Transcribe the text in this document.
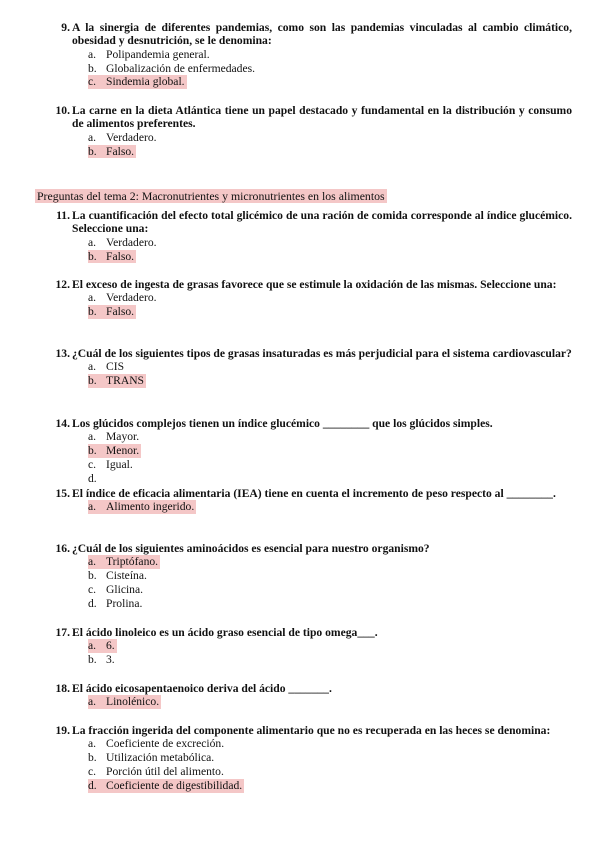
9. A la sinergia de diferentes pandemias, como son las pandemias vinculadas al cambio climático, obesidad y desnutrición, se le denomina:
a. Polipandemia general.
b. Globalización de enfermedades.
c. Sindemia global.
10. La carne en la dieta Atlántica tiene un papel destacado y fundamental en la distribución y consumo de alimentos preferentes.
a. Verdadero.
b. Falso.
Preguntas del tema 2: Macronutrientes y micronutrientes en los alimentos
11. La cuantificación del efecto total glicémico de una ración de comida corresponde al índice glucémico. Seleccione una:
a. Verdadero.
b. Falso.
12. El exceso de ingesta de grasas favorece que se estimule la oxidación de las mismas. Seleccione una:
a. Verdadero.
b. Falso.
13. ¿Cuál de los siguientes tipos de grasas insaturadas es más perjudicial para el sistema cardiovascular?
a. CIS
b. TRANS
14. Los glúcidos complejos tienen un índice glucémico ________ que los glúcidos simples.
a. Mayor.
b. Menor.
c. Igual.
d.
15. El índice de eficacia alimentaria (IEA) tiene en cuenta el incremento de peso respecto al ________.
a. Alimento ingerido.
16. ¿Cuál de los siguientes aminoácidos es esencial para nuestro organismo?
a. Triptófano.
b. Cisteína.
c. Glicina.
d. Prolina.
17. El ácido linoleico es un ácido graso esencial de tipo omega___.
a. 6.
b. 3.
18. El ácido eicosapentaenoico deriva del ácido _______.
a. Linolénico.
19. La fracción ingerida del componente alimentario que no es recuperada en las heces se denomina:
a. Coeficiente de excreción.
b. Utilización metabólica.
c. Porción útil del alimento.
d. Coeficiente de digestibilidad.
